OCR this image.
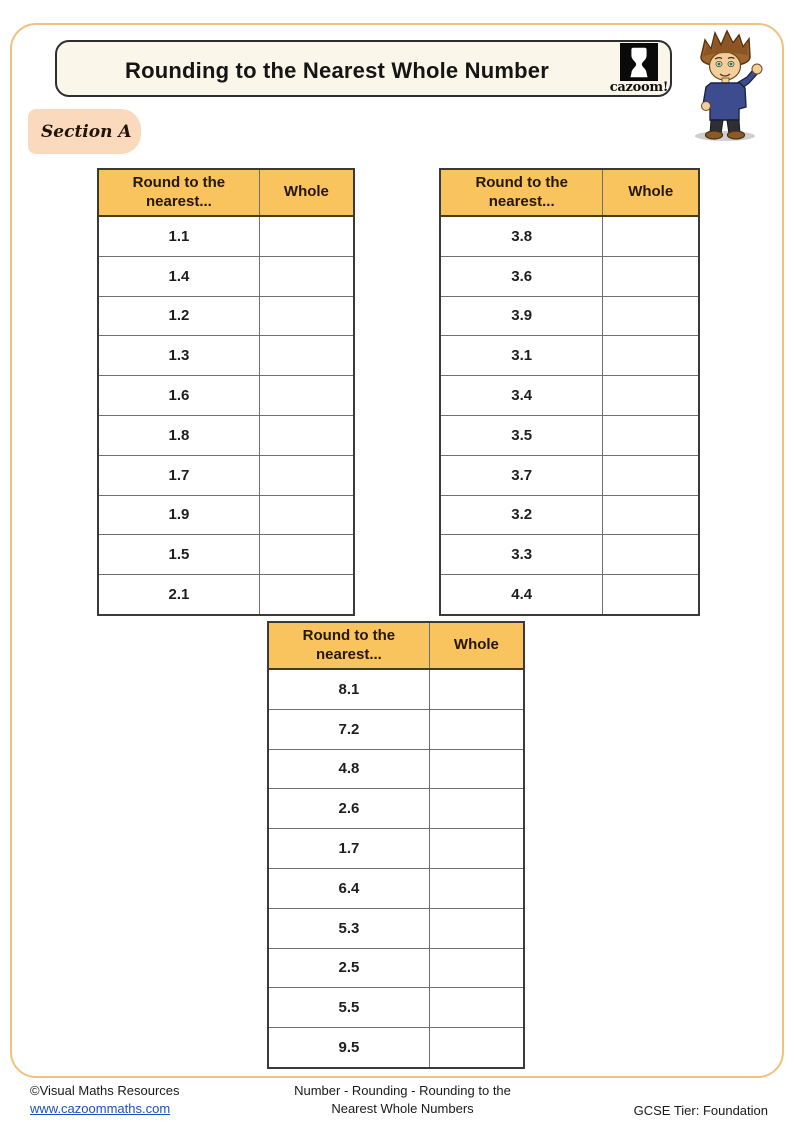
Rounding to the Nearest Whole Number
cazoom!
Section A
Round to the nearest...	Whole
1.1	
1.4	
1.2	
1.3	
1.6	
1.8	
1.7	
1.9	
1.5	
2.1	
Round to the nearest...	Whole
3.8	
3.6	
3.9	
3.1	
3.4	
3.5	
3.7	
3.2	
3.3	
4.4	
Round to the nearest...	Whole
8.1	
7.2	
4.8	
2.6	
1.7	
6.4	
5.3	
2.5	
5.5	
9.5	
©Visual Maths Resources
www.cazoommaths.com
Number - Rounding - Rounding to the
Nearest Whole Numbers	GCSE Tier: Foundation
